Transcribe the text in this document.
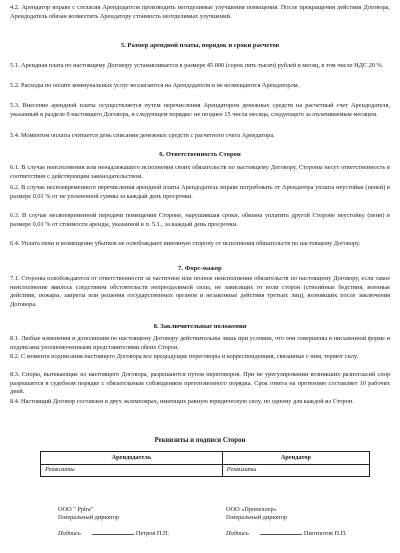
4.2. Арендатор вправе с согласия Арендодателя производить неотделимые улучшения помещения. После прекращения действия Договора, Арендодатель обязан возместить Арендатору стоимость неотделимых улучшений.

5. Размер арендной платы, порядок и сроки расчетов

5.1. Арендная плата по настоящему Договору устанавливается в размере 45 000 (сорок пять тысяч) рублей в месяц, в том числе НДС 20 %.

5.2. Расходы по оплате коммунальных услуг возлагаются на Арендодателя и не возмещаются Арендатором.

5.3. Внесение арендной платы осуществляется путем перечисления Арендатором денежных средств на расчетный счет Арендодателя, указанный в разделе 9 настоящего Договора, в следующем порядке: не позднее 15 числа месяца, следующего за оплачиваемым месяцем.

5.4. Моментом оплаты считается день списания денежных средств с расчетного счета Арендатора.

6. Ответственность Сторон

6.1. В случае неисполнения или ненадлежащего исполнения своих обязательств по настоящему Договору, Стороны несут ответственность в соответствии с действующим законодательством.

6.2. В случае несвоевременного перечисления арендной платы Арендодатель вправе потребовать от Арендатора уплаты неустойки (пеней) в размере 0,01 % от не уплаченной суммы за каждый день просрочки.

6.3. В случае несвоевременной передачи помещения Стороне, нарушившая сроки, обязана уплатить другой Стороне неустойку (пени) в размере 0,01 % от стоимости аренды, указанной в п. 5.1., за каждый день просрочки.

6.4. Уплата пени и возмещение убытков не освобождают виновную сторону от исполнения обязательств по настоящему Договору.

7. Форс-мажор

7.1. Стороны освобождаются от ответственности за частичное или полное неисполнение обязательств по настоящему Договору, если такое неисполнение явилось следствием обстоятельств непреодолимой силы, не зависящих от воли сторон (стихийные бедствия, военные действия, пожары, запреты или решения государственных органов и незаконные действия третьих лиц), возникших после заключения Договора.

8. Заключительные положения

8.1. Любые изменения и дополнения по настоящему Договору действительны лишь при условии, что они совершены в письменной форме и подписаны уполномоченными представителями обеих Сторон.

8.2. С момента подписания настоящего Договора все предыдущие переговоры и корреспонденция, связанные с ним, теряют силу.

8.3. Споры, вытекающие из настоящего Договора, разрешаются путем переговоров. При не урегулировании возникших разногласий спор разрешается в судебном порядке с обязательным соблюдением претензионного порядка. Срок ответа на претензию составляет 10 рабочих дней.

8.4. Настоящий Договор составлен в двух экземплярах, имеющих равную юридическую силу, по одному для каждой из Сторон.

Реквизиты и подписи Сторон
Арендодатель	Арендатор
Реквизиты	Реквизиты
ООО " Ррlrа"
Генеральный директор
Подпись	Петров П.П.
ООО «Пропеллер»
Генеральный директор
Подпись	Пиотпотов П.П.
